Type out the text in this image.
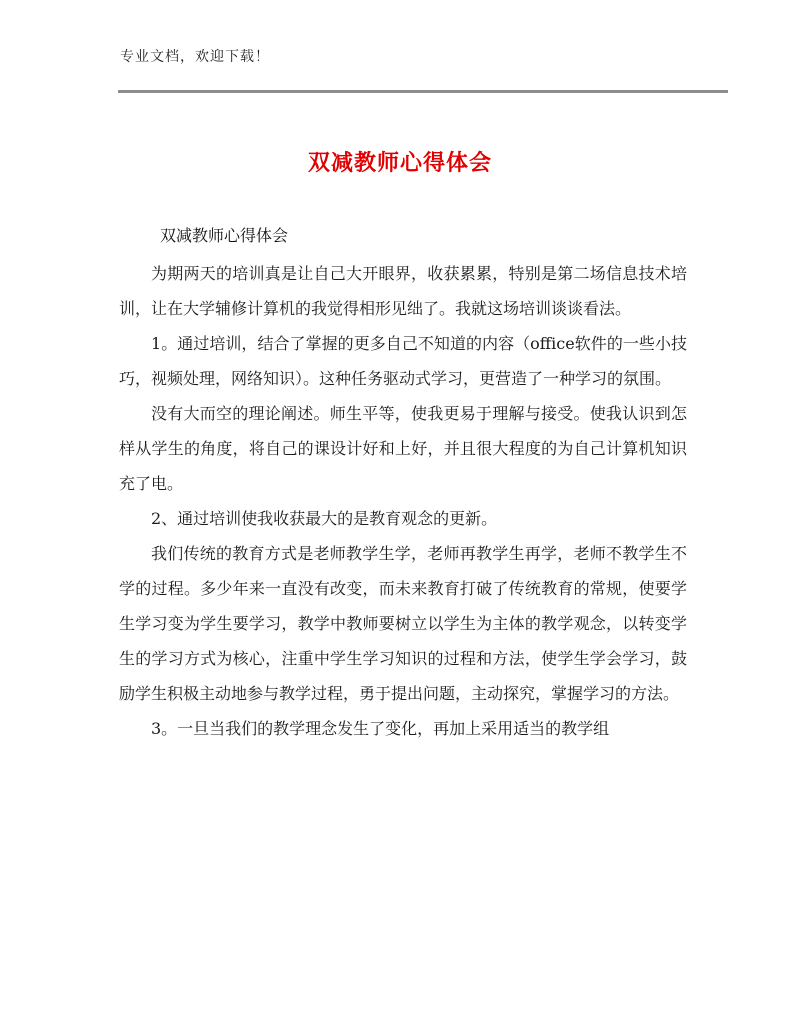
专业文档，欢迎下载！
双减教师心得体会
双减教师心得体会

为期两天的培训真是让自己大开眼界，收获累累，特别是第二场信息技术培训，让在大学辅修计算机的我觉得相形见绌了。我就这场培训谈谈看法。

1。通过培训，结合了掌握的更多自己不知道的内容（office软件的一些小技巧，视频处理，网络知识）。这种任务驱动式学习，更营造了一种学习的氛围。

没有大而空的理论阐述。师生平等，使我更易于理解与接受。使我认识到怎样从学生的角度，将自己的课设计好和上好，并且很大程度的为自己计算机知识充了电。

2、通过培训使我收获最大的是教育观念的更新。

我们传统的教育方式是老师教学生学，老师再教学生再学，老师不教学生不学的过程。多少年来一直没有改变，而未来教育打破了传统教育的常规，使要学生学习变为学生要学习，教学中教师要树立以学生为主体的教学观念，以转变学生的学习方式为核心，注重中学生学习知识的过程和方法，使学生学会学习，鼓励学生积极主动地参与教学过程，勇于提出问题，主动探究，掌握学习的方法。

3。一旦当我们的教学理念发生了变化，再加上采用适当的教学组
